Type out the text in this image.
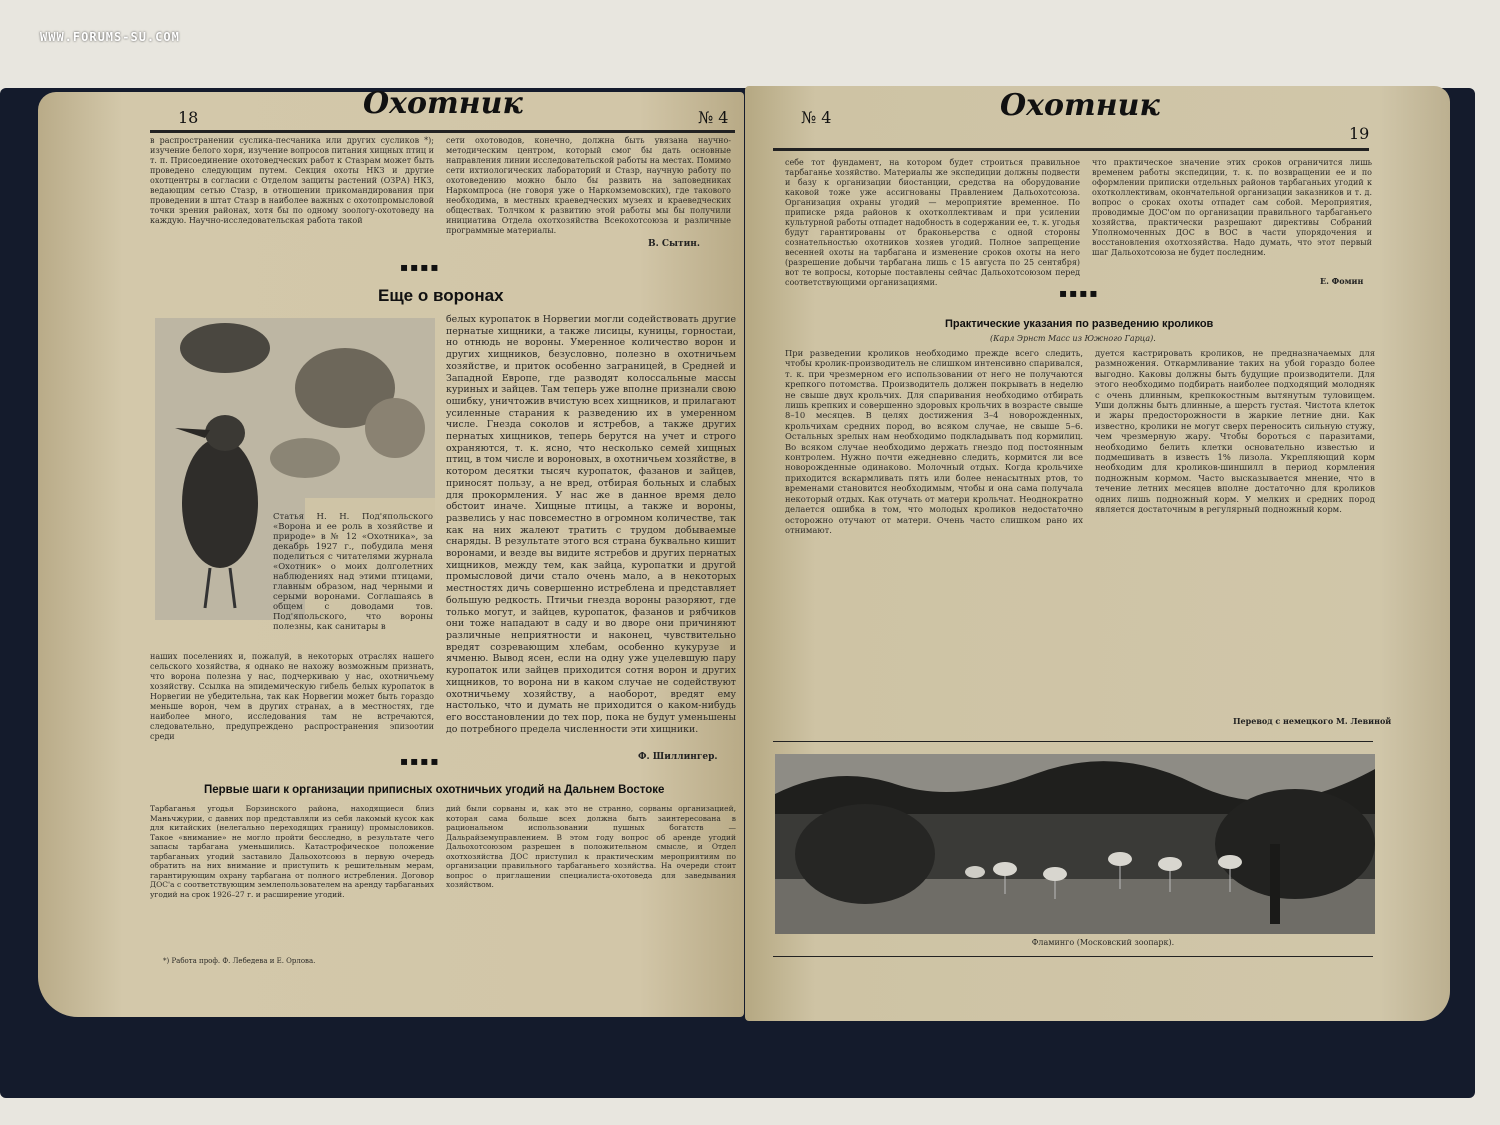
WWW.FORUMS-SU.COM
18	Охотник	№ 4
в распространении суслика-песчаника или других сусликов *); изучение белого хоря, изучение вопросов питания хищных птиц и т. п. Присоединение охотоведческих работ к Стазрам может быть проведено следующим путем. Секция охоты НКЗ и другие охотцентры в согласии с Отделом защиты растений (ОЗРА) НКЗ, ведающим сетью Стазр, в отношении прикомандирования при проведении в штат Стазр в наиболее важных с охотопромысловой точки зрения районах, хотя бы по одному зоологу-охотоведу на каждую. Научно-исследовательская работа такой
сети охотоводов, конечно, должна быть увязана научно-методическим центром, который смог бы дать основные направления линии исследовательской работы на местах. Помимо сети ихтиологических лабораторий и Стазр, научную работу по охотоведению можно было бы развить на заповедниках Наркомпроса (не говоря уже о Наркомземовских), где такового необходима, в местных краеведческих музеях и краеведческих обществах. Толчком к развитию этой работы мы бы получили инициатива Отдела охотхозяйства Всекохотсоюза и различные программные материалы.
В. Сытин.
▪▪▪▪
Еще о воронах
Статья Н. Н. Под'япольского «Ворона и ее роль в хозяйстве и природе» в № 12 «Охотника», за декабрь 1927 г., побудила меня поделиться с читателями журнала «Охотник» о моих долголетних наблюдениях над этими птицами, главным образом, над черными и серыми воронами. Соглашаясь в общем с доводами тов. Под'япольского, что вороны полезны, как санитары в
наших поселениях и, пожалуй, в некоторых отраслях нашего сельского хозяйства, я однако не нахожу возможным признать, что ворона полезна у нас, подчеркиваю у нас, охотничьему хозяйству. Ссылка на эпидемическую гибель белых куропаток в Норвегии не убедительна, так как Норвегии может быть гораздо меньше ворон, чем в других странах, а в местностях, где наиболее много, исследования там не встречаются, следовательно, предупреждено распространения эпизоотии среди
белых куропаток в Норвегии могли содействовать другие пернатые хищники, а также лисицы, куницы, горностаи, но отнюдь не вороны. Умеренное количество ворон и других хищников, безусловно, полезно в охотничьем хозяйстве, и приток особенно заграницей, в Средней и Западной Европе, где разводят колоссальные массы куриных и зайцев. Там теперь уже вполне признали свою ошибку, уничтожив вчистую всех хищников, и прилагают усиленные старания к разведению их в умеренном числе. Гнезда соколов и ястребов, а также других пернатых хищников, теперь берутся на учет и строго охраняются, т. к. ясно, что несколько семей хищных птиц, в том числе и вороновых, в охотничьем хозяйстве, в котором десятки тысяч куропаток, фазанов и зайцев, приносят пользу, а не вред, отбирая больных и слабых для прокормления. У нас же в данное время дело обстоит иначе. Хищные птицы, а также и вороны, развелись у нас повсеместно в огромном количестве, так как на них жалеют тратить с трудом добываемые снаряды. В результате этого вся страна буквально кишит воронами, и везде вы видите ястребов и других пернатых хищников, между тем, как зайца, куропатки и другой промысловой дичи стало очень мало, а в некоторых местностях дичь совершенно истреблена и представляет большую редкость. Птичьи гнезда вороны разоряют, где только могут, и зайцев, куропаток, фазанов и рябчиков они тоже нападают в саду и во дворе они причиняют различные неприятности и наконец, чувствительно вредят созревающим хлебам, особенно кукурузе и ячменю. Вывод ясен, если на одну уже уцелевшую пару куропаток или зайцев приходится сотня ворон и других хищников, то ворона ни в каком случае не содействуют охотничьему хозяйству, а наоборот, вредят ему настолько, что и думать не приходится о каком-нибудь его восстановлении до тех пор, пока не будут уменьшены до потребного предела численности эти хищники.
Ф. Шиллингер.
▪▪▪▪
Первые шаги к организации приписных охотничьих угодий на Дальнем Востоке
Тарбаганья угодья Борзинского района, находящиеся близ Маньчжурии, с давних пор представляли из себя лакомый кусок как для китайских (нелегально переходящих границу) промысловиков. Такое «внимание» не могло пройти бесследно, в результате чего запасы тарбагана уменьшились. Катастрофическое положение тарбаганьих угодий заставило Дальохотсоюз в первую очередь обратить на них внимание и приступить к решительным мерам, гарантирующим охрану тарбагана от полного истребления. Договор ДОС'а с соответствующим землепользователем на аренду тарбаганьих угодий на срок 1926–27 г. и расширение угодий.
дий были сорваны и, как это не странно, сорваны организацией, которая сама больше всех должна быть заинтересована в рациональном использовании пушных богатств — Дальрайземуправлением. В этом году вопрос об аренде угодий Дальохотсоюзом разрешен в положительном смысле, и Отдел охотхозяйства ДОС приступил к практическим мероприятиям по организации правильного тарбаганьего хозяйства. На очереди стоит вопрос о приглашении специалиста-охотоведа для заведывания хозяйством.
*) Работа проф. Ф. Лебедева и Е. Орлова.
№ 4	Охотник
19
себе тот фундамент, на котором будет строиться правильное тарбаганье хозяйство. Материалы же экспедиции должны подвести и базу к организации биостанции, средства на оборудование каковой тоже уже ассигнованы Правлением Дальохотсоюза. Организация охраны угодий — мероприятие временное. По приписке ряда районов к охотколлективам и при усилении культурной работы отпадет надобность в содержании ее, т. к. угодья будут гарантированы от браконьерства с одной стороны сознательностью охотников хозяев угодий. Полное запрещение весенней охоты на тарбагана и изменение сроков охоты на него (разрешение добычи тарбагана лишь с 15 августа по 25 сентября) вот те вопросы, которые поставлены сейчас Дальохотсоюзом перед соответствующими организациями.
что практическое значение этих сроков ограничится лишь временем работы экспедиции, т. к. по возвращении ее и по оформлении приписки отдельных районов тарбаганьих угодий к охотколлективам, окончательной организации заказников и т. д. вопрос о сроках охоты отпадет сам собой. Мероприятия, проводимые ДОС'ом по организации правильного тарбаганьего хозяйства, практически разрешают директивы Собраний Уполномоченных ДОС в ВОС в части упорядочения и восстановления охотхозяйства. Надо думать, что этот первый шаг Дальохотсоюза не будет последним.
Е. Фомин
▪▪▪▪
Практические указания по разведению кроликов
(Карл Эрнст Масс из Южного Гарца).
При разведении кроликов необходимо прежде всего следить, чтобы кролик-производитель не слишком интенсивно спаривался, т. к. при чрезмерном его использовании от него не получаются крепкого потомства. Производитель должен покрывать в неделю не свыше двух крольчих. Для спаривания необходимо отбирать лишь крепких и совершенно здоровых крольчих в возрасте свыше 8–10 месяцев. В целях достижения 3–4 новорожденных, крольчихам средних пород, во всяком случае, не свыше 5–6. Остальных зрелых нам необходимо подкладывать под кормилиц. Во всяком случае необходимо держать гнездо под постоянным контролем. Нужно почти ежедневно следить, кормится ли все новорожденные одинаково. Молочный отдых. Когда крольчихе приходится вскармливать пять или более ненасытных ртов, то временами становится необходимым, чтобы и она сама получала некоторый отдых. Как отучать от матери крольчат. Неоднократно делается ошибка в том, что молодых кроликов недостаточно осторожно отучают от матери. Очень часто слишком рано их отнимают.
дуется кастрировать кроликов, не предназначаемых для размножения. Откармливание таких на убой гораздо более выгодно. Каковы должны быть будущие производители. Для этого необходимо подбирать наиболее подходящий молодняк с очень длинным, крепкокостным вытянутым туловищем. Уши должны быть длинные, а шерсть густая. Чистота клеток и жары предосторожности в жаркие летние дни. Как известно, кролики не могут сверх переносить сильную стужу, чем чрезмерную жару. Чтобы бороться с паразитами, необходимо белить клетки основательно известью и подмешивать в известь 1% лизола. Укрепляющий корм необходим для кроликов-шиншилл в период кормления подножным кормом. Часто высказывается мнение, что в течение летних месяцев вполне достаточно для кроликов одних лишь подножный корм. У мелких и средних пород является достаточным в регулярный подножный корм.
Перевод с немецкого М. Левиной
Фламинго (Московский зоопарк).
